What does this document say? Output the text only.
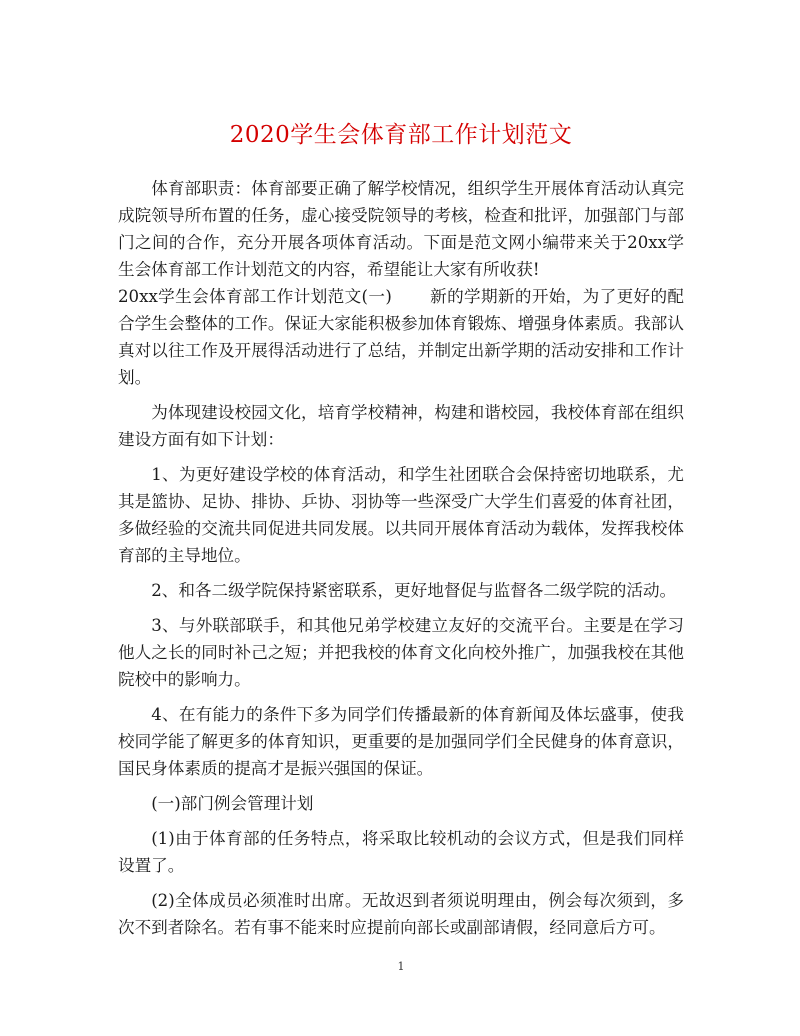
2020学生会体育部工作计划范文

体育部职责：体育部要正确了解学校情况，组织学生开展体育活动认真完成院领导所布置的任务，虚心接受院领导的考核，检查和批评，加强部门与部门之间的合作，充分开展各项体育活动。下面是范文网小编带来关于20xx学生会体育部工作计划范文的内容，希望能让大家有所收获!

20xx学生会体育部工作计划范文(一) 新的学期新的开始，为了更好的配合学生会整体的工作。保证大家能积极参加体育锻炼、增强身体素质。我部认真对以往工作及开展得活动进行了总结，并制定出新学期的活动安排和工作计划。

为体现建设校园文化，培育学校精神，构建和谐校园，我校体育部在组织建设方面有如下计划：

1、为更好建设学校的体育活动，和学生社团联合会保持密切地联系，尤其是篮协、足协、排协、乒协、羽协等一些深受广大学生们喜爱的体育社团，多做经验的交流共同促进共同发展。以共同开展体育活动为载体，发挥我校体育部的主导地位。

2、和各二级学院保持紧密联系，更好地督促与监督各二级学院的活动。

3、与外联部联手，和其他兄弟学校建立友好的交流平台。主要是在学习他人之长的同时补己之短；并把我校的体育文化向校外推广，加强我校在其他院校中的影响力。

4、在有能力的条件下多为同学们传播最新的体育新闻及体坛盛事，使我校同学能了解更多的体育知识，更重要的是加强同学们全民健身的体育意识，国民身体素质的提高才是振兴强国的保证。

(一)部门例会管理计划

(1)由于体育部的任务特点，将采取比较机动的会议方式，但是我们同样设置了。

(2)全体成员必须准时出席。无故迟到者须说明理由，例会每次须到，多次不到者除名。若有事不能来时应提前向部长或副部请假，经同意后方可。

1
